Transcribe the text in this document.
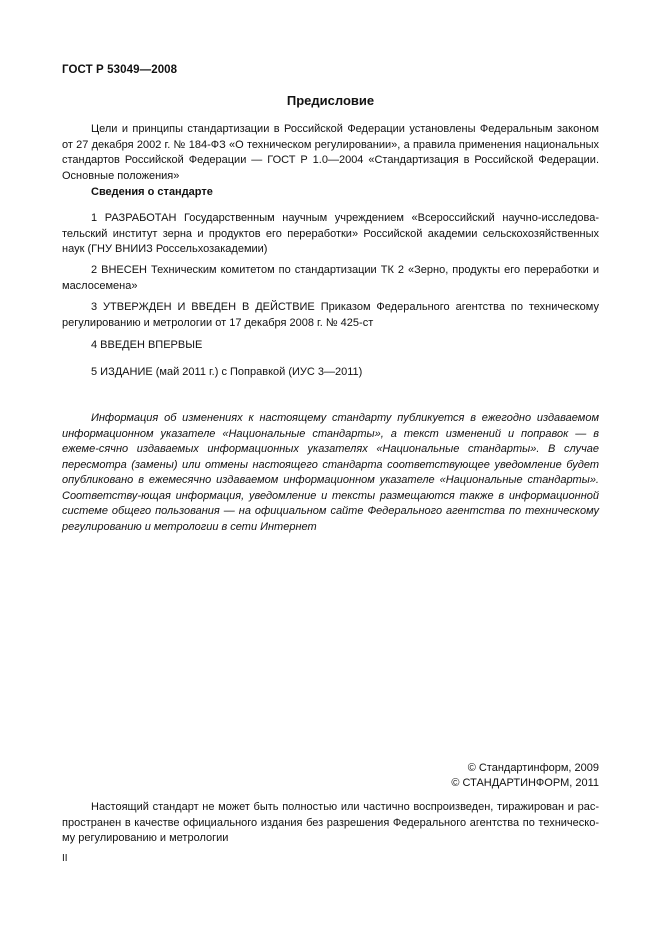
ГОСТ Р 53049—2008
Предисловие

Цели и принципы стандартизации в Российской Федерации установлены Федеральным законом от 27 декабря 2002 г. № 184-ФЗ «О техническом регулировании», а правила применения национальных стандартов Российской Федерации — ГОСТ Р 1.0—2004 «Стандартизация в Российской Федерации. Основные положения»

Сведения о стандарте

1 РАЗРАБОТАН Государственным научным учреждением «Всероссийский научно-исследова-тельский институт зерна и продуктов его переработки» Российской академии сельскохозяйственных наук (ГНУ ВНИИЗ Россельхозакадемии)

2 ВНЕСЕН Техническим комитетом по стандартизации ТК 2 «Зерно, продукты его переработки и маслосемена»

3 УТВЕРЖДЕН И ВВЕДЕН В ДЕЙСТВИЕ Приказом Федерального агентства по техническому регулированию и метрологии от 17 декабря 2008 г. № 425-ст

4 ВВЕДЕН ВПЕРВЫЕ

5 ИЗДАНИЕ (май 2011 г.) с Поправкой (ИУС 3—2011)

Информация об изменениях к настоящему стандарту публикуется в ежегодно издаваемом информационном указателе «Национальные стандарты», а текст изменений и поправок — в ежеме-сячно издаваемых информационных указателях «Национальные стандарты». В случае пересмотра (замены) или отмены настоящего стандарта соответствующее уведомление будет опубликовано в ежемесячно издаваемом информационном указателе «Национальные стандарты». Соответству-ющая информация, уведомление и тексты размещаются также в информационной системе общего пользования — на официальном сайте Федерального агентства по техническому регулированию и метрологии в сети Интернет

© Стандартинформ, 2009
© СТАНДАРТИНФОРМ, 2011

Настоящий стандарт не может быть полностью или частично воспроизведен, тиражирован и рас-пространен в качестве официального издания без разрешения Федерального агентства по техническо-му регулированию и метрологии

II
